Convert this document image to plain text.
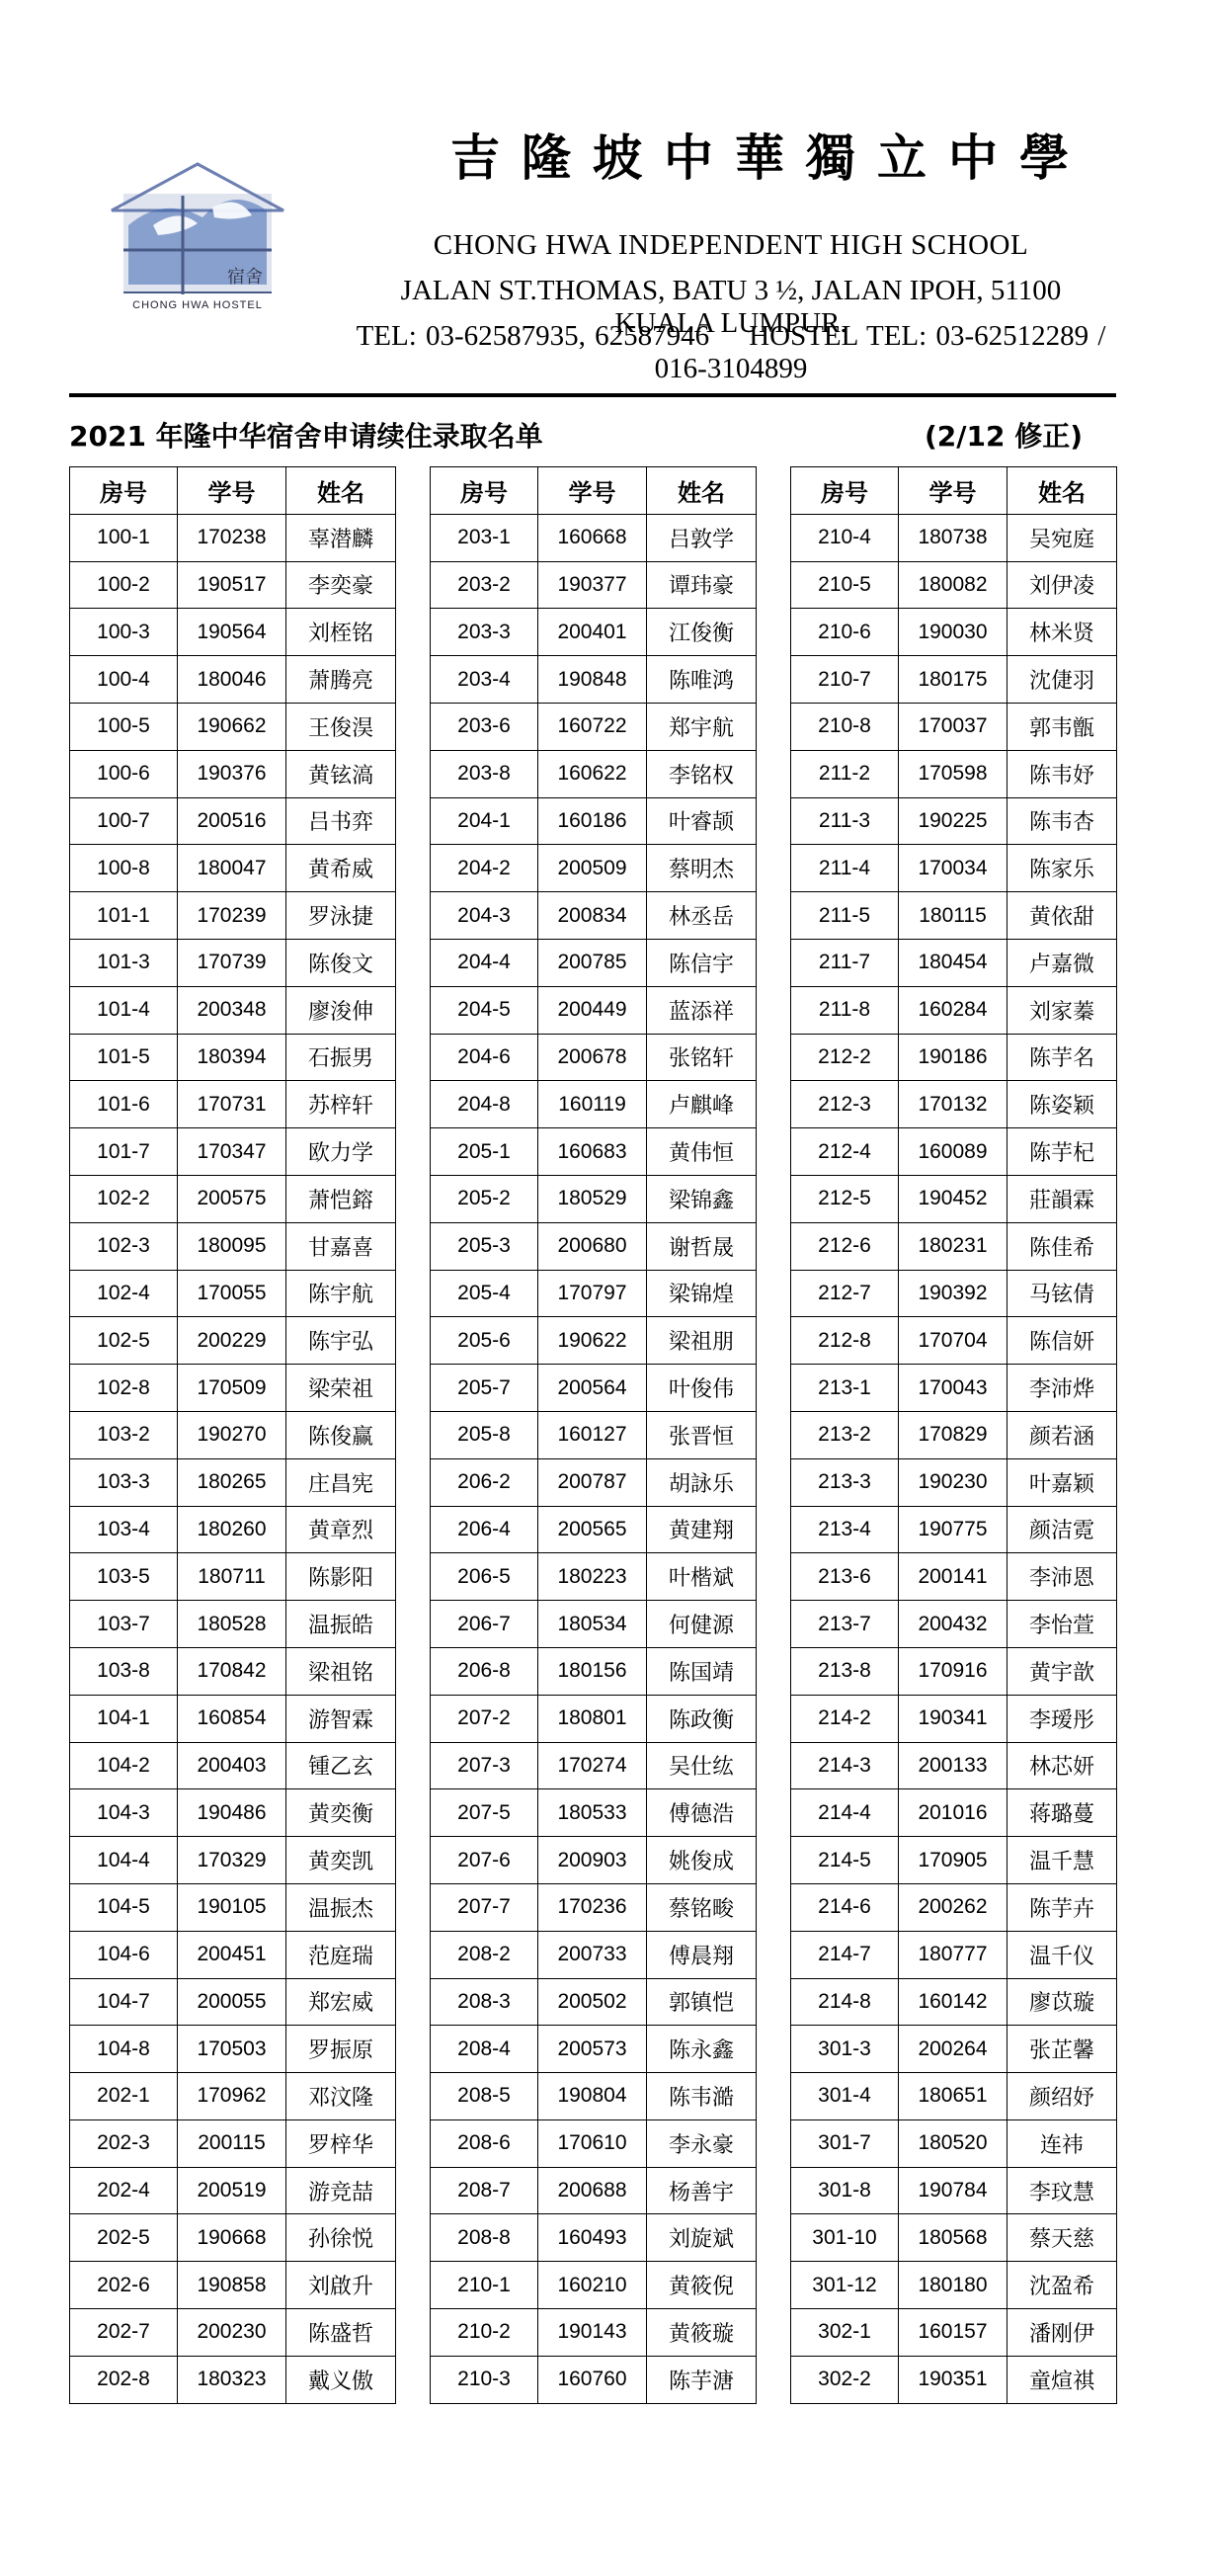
宿舍
CHONG HWA HOSTEL
吉隆坡中華獨立中學
CHONG HWA INDEPENDENT HIGH SCHOOL
JALAN ST.THOMAS, BATU 3 ½, JALAN IPOH, 51100 KUALA LUMPUR.
TEL: 03-62587935, 62587946 HOSTEL TEL: 03-62512289 / 016-3104899
2021 年隆中华宿舍申请续住录取名单	(2/12 修正)
房号	学号	姓名
100-1	170238	辜潜麟
100-2	190517	李奕豪
100-3	190564	刘桎铭
100-4	180046	萧腾亮
100-5	190662	王俊淏
100-6	190376	黄铉滈
100-7	200516	吕书弈
100-8	180047	黄希威
101-1	170239	罗泳捷
101-3	170739	陈俊文
101-4	200348	廖浚伸
101-5	180394	石振男
101-6	170731	苏梓轩
101-7	170347	欧力学
102-2	200575	萧恺鎔
102-3	180095	甘嘉喜
102-4	170055	陈宇航
102-5	200229	陈宇弘
102-8	170509	梁荣祖
103-2	190270	陈俊赢
103-3	180265	庄昌宪
103-4	180260	黄章烈
103-5	180711	陈影阳
103-7	180528	温振皓
103-8	170842	梁祖铭
104-1	160854	游智霖
104-2	200403	锺乙玄
104-3	190486	黄奕衡
104-4	170329	黄奕凯
104-5	190105	温振杰
104-6	200451	范庭瑞
104-7	200055	郑宏威
104-8	170503	罗振原
202-1	170962	邓汶隆
202-3	200115	罗梓华
202-4	200519	游竞喆
202-5	190668	孙徐悦
202-6	190858	刘啟升
202-7	200230	陈盛哲
202-8	180323	戴义傲
房号	学号	姓名
203-1	160668	吕敦学
203-2	190377	谭玮豪
203-3	200401	江俊衡
203-4	190848	陈唯鸿
203-6	160722	郑宇航
203-8	160622	李铭权
204-1	160186	叶睿颉
204-2	200509	蔡明杰
204-3	200834	林丞岳
204-4	200785	陈信宇
204-5	200449	蓝添祥
204-6	200678	张铭轩
204-8	160119	卢麒峰
205-1	160683	黄伟恒
205-2	180529	梁锦鑫
205-3	200680	谢哲晟
205-4	170797	梁锦煌
205-6	190622	梁祖朋
205-7	200564	叶俊伟
205-8	160127	张晋恒
206-2	200787	胡詠乐
206-4	200565	黄建翔
206-5	180223	叶楷斌
206-7	180534	何健源
206-8	180156	陈国靖
207-2	180801	陈政衡
207-3	170274	吴仕纮
207-5	180533	傅德浩
207-6	200903	姚俊成
207-7	170236	蔡铭畯
208-2	200733	傅晨翔
208-3	200502	郭镇恺
208-4	200573	陈永鑫
208-5	190804	陈韦澔
208-6	170610	李永豪
208-7	200688	杨善宇
208-8	160493	刘旋斌
210-1	160210	黄筱倪
210-2	190143	黄筱璇
210-3	160760	陈芋溏
房号	学号	姓名
210-4	180738	吴宛庭
210-5	180082	刘伊凌
210-6	190030	林米贤
210-7	180175	沈倢羽
210-8	170037	郭韦甑
211-2	170598	陈韦妤
211-3	190225	陈韦杏
211-4	170034	陈家乐
211-5	180115	黄依甜
211-7	180454	卢嘉微
211-8	160284	刘家蓁
212-2	190186	陈芋名
212-3	170132	陈姿颖
212-4	160089	陈芋杞
212-5	190452	莊韻霖
212-6	180231	陈佳希
212-7	190392	马铉倩
212-8	170704	陈信妍
213-1	170043	李沛烨
213-2	170829	颜若涵
213-3	190230	叶嘉颖
213-4	190775	颜洁霓
213-6	200141	李沛恩
213-7	200432	李怡萱
213-8	170916	黄宇歆
214-2	190341	李瑷彤
214-3	200133	林芯妍
214-4	201016	蒋璐蔓
214-5	170905	温千慧
214-6	200262	陈芋卉
214-7	180777	温千仪
214-8	160142	廖苡璇
301-3	200264	张芷馨
301-4	180651	颜绍妤
301-7	180520	连祎
301-8	190784	李玟慧
301-10	180568	蔡天慈
301-12	180180	沈盈希
302-1	160157	潘刚伊
302-2	190351	童煊祺
